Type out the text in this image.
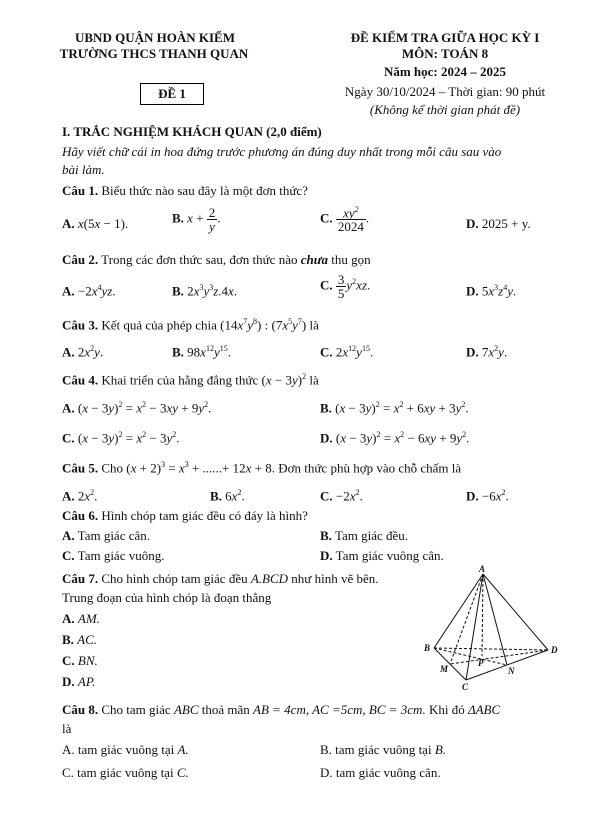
UBND QUẬN HOÀN KIẾM
TRƯỜNG THCS THANH QUAN
ĐỀ KIỂM TRA GIỮA HỌC KỲ I
MÔN: TOÁN 8
Năm học: 2024 – 2025
ĐỀ 1	Ngày 30/10/2024 – Thời gian: 90 phút
(Không kể thời gian phát đề)
I. TRẮC NGHIỆM KHÁCH QUAN (2,0 điểm)
Hãy viết chữ cái in hoa đứng trước phương án đúng duy nhất trong mỗi câu sau vào
bài làm.
Câu 1. Biểu thức nào sau đây là một đơn thức?
A. x(5x − 1).	B. $x + \frac{2}{y}$ .	C. $\frac{xy^2}{2024}$ .	D. 2025 + y.
Câu 2. Trong các đơn thức sau, đơn thức nào chưa thu gọn
A. $-2x^4yz$.	B. $2x^3y^3z.4x$.	C. $\frac{3}{5} y^2xz$.	D. $5x^3z^4y$.
Câu 3. Kết quả của phép chia $(14x^7y^8)$ : $(7x^5y^7)$ là
A. $2x^2y$.	B. $98x^{12}y^{15}$.	C. $2x^{12}y^{15}$.	D. $7x^2y$.
Câu 4. Khai triển của hằng đẳng thức $(x - 3y)^2$ là
A. $(x - 3y)^2 = x^2 - 3xy + 9y^2$.	B. $(x - 3y)^2 = x^2 + 6xy + 3y^2$.
C. $(x - 3y)^2 = x^2 - 3y^2$.	D. $(x - 3y)^2 = x^2 - 6xy + 9y^2$.
Câu 5. Cho $(x + 2)^3 = x^3$ + ......+ 12x + 8. Đơn thức phù hợp vào chỗ chấm là
A. $2x^2$.	B. $6x^2$.	C. $-2x^2$.	D. $-6x^2$.
Câu 6. Hình chóp tam giác đều có đáy là hình?
A. Tam giác cân.	B. Tam giác đều.
C. Tam giác vuông.	D. Tam giác vuông cân.
Câu 7. Cho hình chóp tam giác đều A.BCD như hình vẽ bên.
Trung đoạn của hình chóp là đoạn thẳng
A. AM.
B. AC.
C. BN.
D. AP.
A
B
C
D
M	N
P
Câu 8. Cho tam giác ABC thoả mãn AB = 4cm, AC =5cm, BC = 3cm. Khi đó ΔABC
là
A. tam giác vuông tại A.	B. tam giác vuông tại B.
C. tam giác vuông tại C.	D. tam giác vuông cân.
